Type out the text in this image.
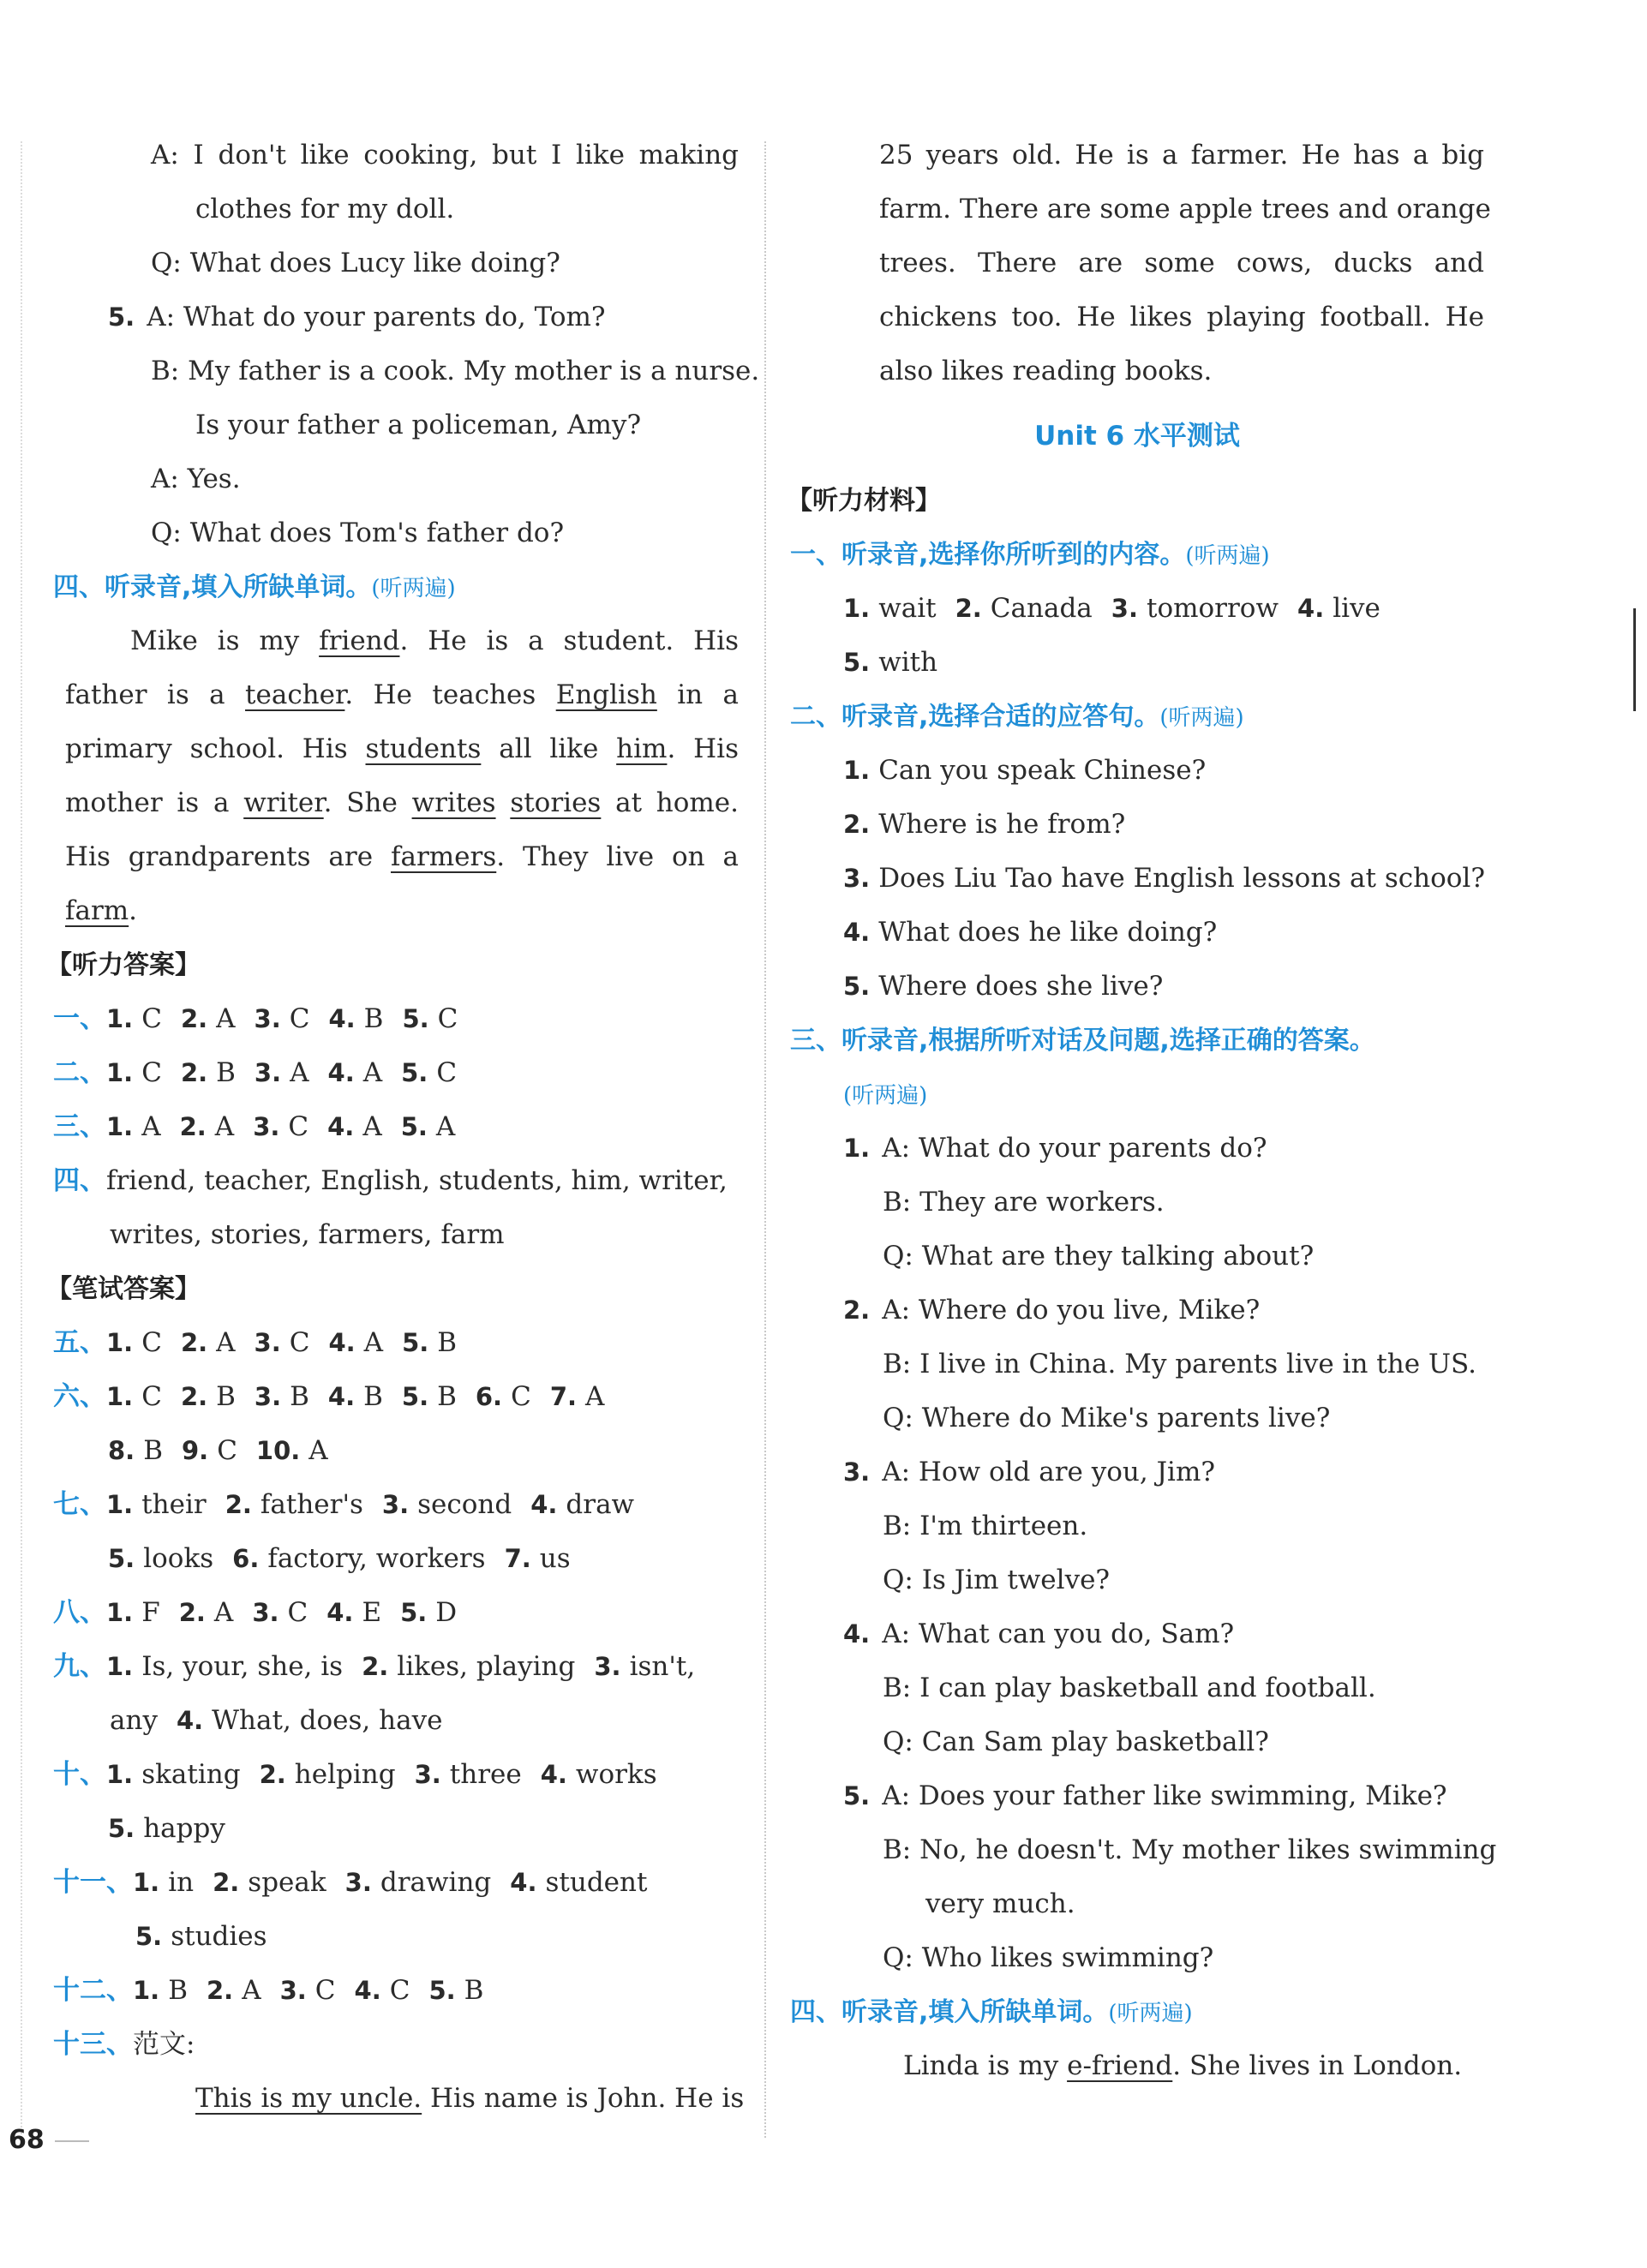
A: I don't like cooking, but I like making
clothes for my doll.
Q: What does Lucy like doing?
5. A: What do your parents do, Tom?
B: My father is a cook. My mother is a nurse.
Is your father a policeman, Amy?
A: Yes.
Q: What does Tom's father do?
四、听录音,填入所缺单词。(听两遍)
Mike is my friend. He is a student. His
father is a teacher. He teaches English in a
primary school. His students all like him. His
mother is a writer. She writes stories at home.
His grandparents are farmers. They live on a
farm.
【听力答案】
一、1. C 2. A 3. C 4. B 5. C
二、1. C 2. B 3. A 4. A 5. C
三、1. A 2. A 3. C 4. A 5. A
四、friend, teacher, English, students, him, writer,
writes, stories, farmers, farm
【笔试答案】
五、1. C 2. A 3. C 4. A 5. B
六、1. C 2. B 3. B 4. B 5. B 6. C 7. A
8. B 9. C 10. A
七、1. their 2. father's 3. second 4. draw
5. looks 6. factory, workers 7. us
八、1. F 2. A 3. C 4. E 5. D
九、1. Is, your, she, is 2. likes, playing 3. isn't,
any 4. What, does, have
十、1. skating 2. helping 3. three 4. works
5. happy
十一、1. in 2. speak 3. drawing 4. student
5. studies
十二、1. B 2. A 3. C 4. C 5. B
十三、范文:
This is my uncle. His name is John. He is
25 years old. He is a farmer. He has a big
farm. There are some apple trees and orange
trees. There are some cows, ducks and
chickens too. He likes playing football. He
also likes reading books.
Unit 6 水平测试
【听力材料】
一、听录音,选择你所听到的内容。(听两遍)
1. wait 2. Canada 3. tomorrow 4. live
5. with
二、听录音,选择合适的应答句。(听两遍)
1. Can you speak Chinese?
2. Where is he from?
3. Does Liu Tao have English lessons at school?
4. What does he like doing?
5. Where does she live?
三、听录音,根据所听对话及问题,选择正确的答案。
(听两遍)
1. A: What do your parents do?
B: They are workers.
Q: What are they talking about?
2. A: Where do you live, Mike?
B: I live in China. My parents live in the US.
Q: Where do Mike's parents live?
3. A: How old are you, Jim?
B: I'm thirteen.
Q: Is Jim twelve?
4. A: What can you do, Sam?
B: I can play basketball and football.
Q: Can Sam play basketball?
5. A: Does your father like swimming, Mike?
B: No, he doesn't. My mother likes swimming
very much.
Q: Who likes swimming?
四、听录音,填入所缺单词。(听两遍)
Linda is my e-friend. She lives in London.
68
